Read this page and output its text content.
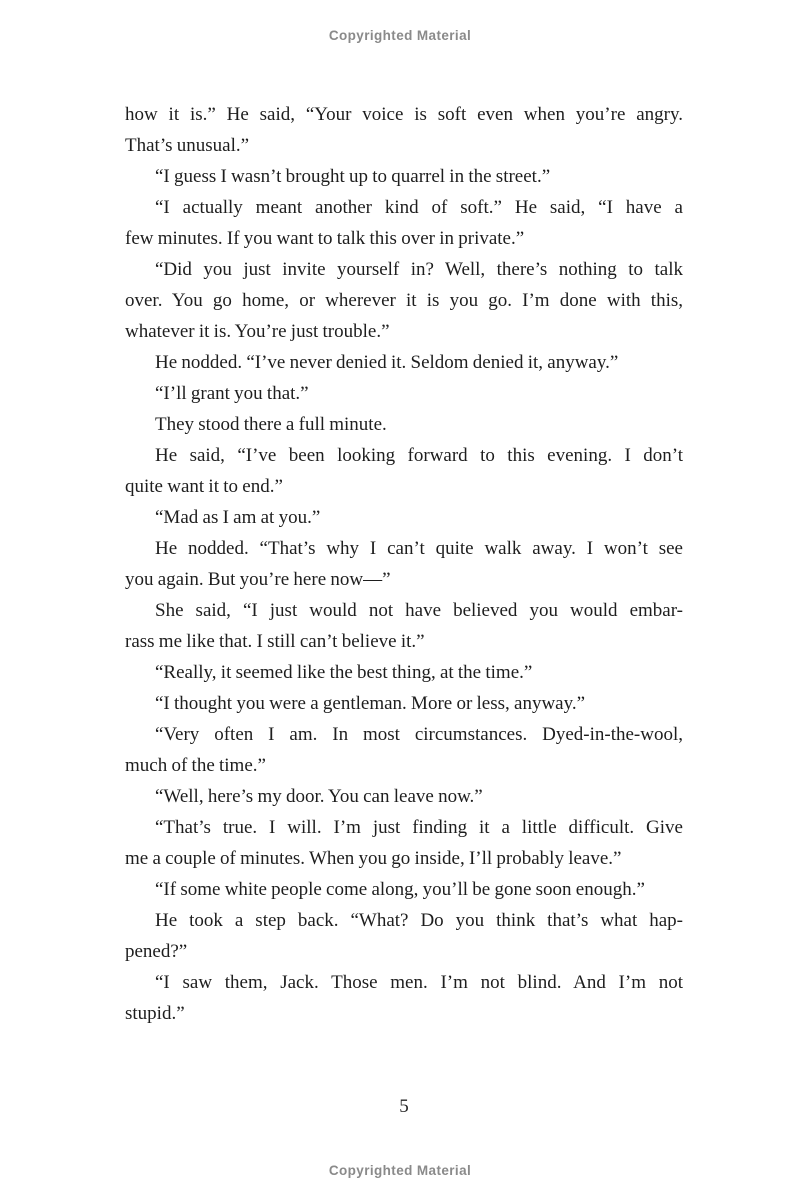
Copyrighted Material
how it is.” He said, “Your voice is soft even when you’re angry.
That’s unusual.”
“I guess I wasn’t brought up to quarrel in the street.”
“I actually meant another kind of soft.” He said, “I have a
few minutes. If you want to talk this over in private.”
“Did you just invite yourself in? Well, there’s nothing to talk
over. You go home, or wherever it is you go. I’m done with this,
whatever it is. You’re just trouble.”
He nodded. “I’ve never denied it. Seldom denied it, anyway.”
“I’ll grant you that.”
They stood there a full minute.
He said, “I’ve been looking forward to this evening. I don’t
quite want it to end.”
“Mad as I am at you.”
He nodded. “That’s why I can’t quite walk away. I won’t see
you again. But you’re here now—”
She said, “I just would not have believed you would embar-
rass me like that. I still can’t believe it.”
“Really, it seemed like the best thing, at the time.”
“I thought you were a gentleman. More or less, anyway.”
“Very often I am. In most circumstances. Dyed-in-the-wool,
much of the time.”
“Well, here’s my door. You can leave now.”
“That’s true. I will. I’m just finding it a little difficult. Give
me a couple of minutes. When you go inside, I’ll probably leave.”
“If some white people come along, you’ll be gone soon enough.”
He took a step back. “What? Do you think that’s what hap-
pened?”
“I saw them, Jack. Those men. I’m not blind. And I’m not
stupid.”
5
Copyrighted Material
